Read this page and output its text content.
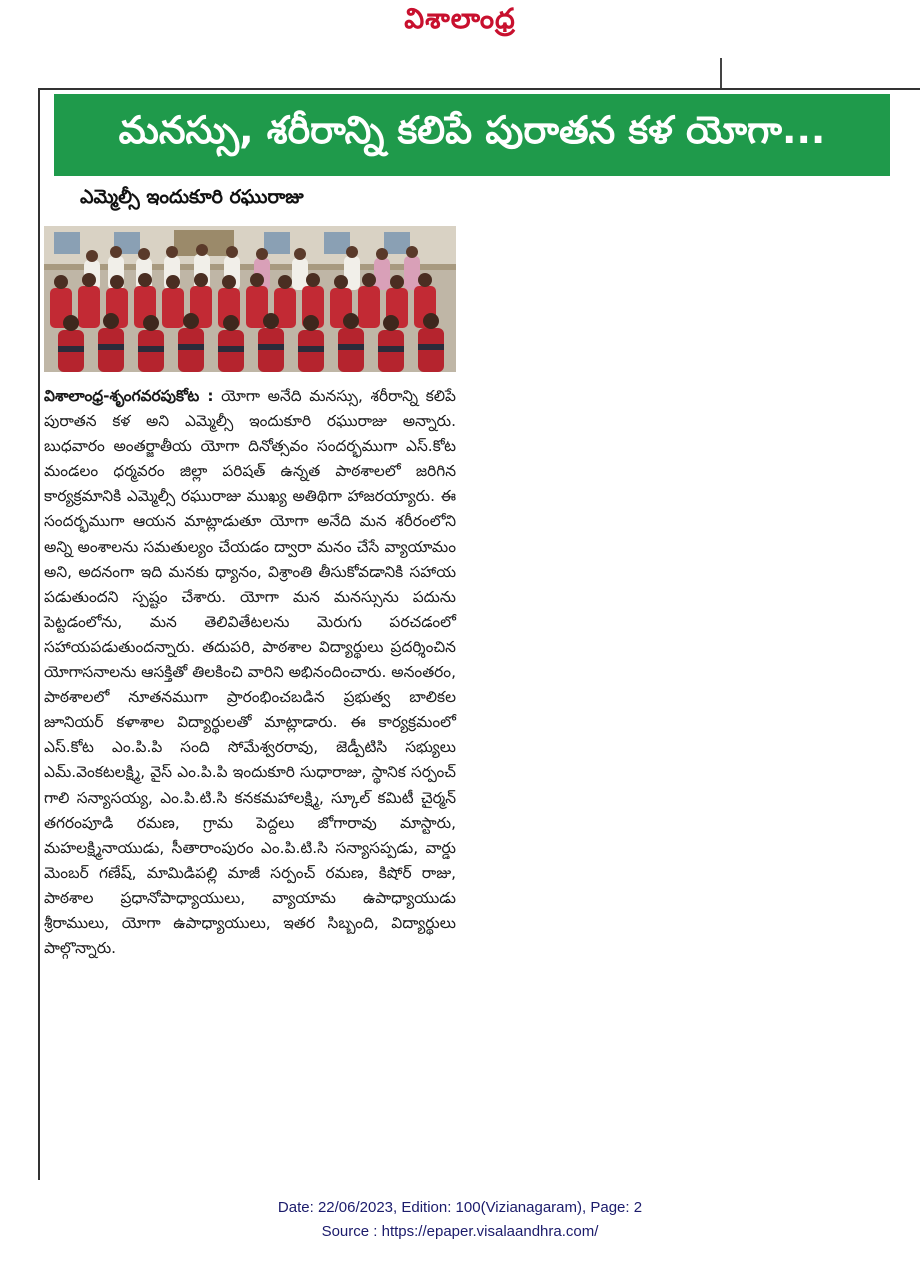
విశాలాంధ్ర
మనస్సు, శరీరాన్ని కలిపే పురాతన కళ యోగా...
ఎమ్మెల్సీ ఇందుకూరి రఘురాజు
విశాలాంధ్ర-శృంగవరపుకోట : యోగా అనేది మనస్సు, శరీరాన్ని కలిపే పురాతన కళ అని ఎమ్మెల్సీ ఇందుకూరి రఘురాజు అన్నారు. బుధవారం అంతర్జాతీయ యోగా దినోత్సవం సందర్భముగా ఎస్.కోట మండలం ధర్మవరం జిల్లా పరిషత్ ఉన్నత పాఠశాలలో జరిగిన కార్యక్రమానికి ఎమ్మెల్సీ రఘురాజు ముఖ్య అతిథిగా హాజరయ్యారు. ఈ సందర్భముగా ఆయన మాట్లాడుతూ యోగా అనేది మన శరీరంలోని అన్ని అంశాలను సమతుల్యం చేయడం ద్వారా మనం చేసే వ్యాయామం అని, అదనంగా ఇది మనకు ధ్యానం, విశ్రాంతి తీసుకోవడానికి సహాయ పడుతుందని స్పష్టం చేశారు. యోగా మన మనస్సును పదును పెట్టడంలోను, మన తెలివితేటలను మెరుగు పరచడంలో సహాయపడుతుందన్నారు. తదుపరి, పాఠశాల విద్యార్థులు ప్రదర్శించిన యోగాసనాలను ఆసక్తితో తిలకించి వారిని అభినందించారు. అనంతరం, పాఠశాలలో నూతనముగా ప్రారంభించబడిన ప్రభుత్వ బాలికల జూనియర్ కళాశాల విద్యార్థులతో మాట్లాడారు. ఈ కార్యక్రమంలో ఎస్.కోట ఎం.పి.పి సంది సోమేశ్వరరావు, జెడ్పీటిసి సభ్యులు ఎమ్.వెంకటలక్ష్మి, వైస్ ఎం.పి.పి ఇందుకూరి సుధారాజు, స్థానిక సర్పంచ్ గాలి సన్యాసయ్య, ఎం.పి.టి.సి కనకమహాలక్ష్మి, స్కూల్ కమిటీ చైర్మన్ తగరంపూడి రమణ, గ్రామ పెద్దలు జోగారావు మాస్టారు, మహలక్ష్మినాయుడు, సీతారాంపురం ఎం.పి.టి.సి సన్యాసప్పడు, వార్డు మెంబర్ గణేష్, మామిడిపల్లి మాజీ సర్పంచ్ రమణ, కిషోర్ రాజు, పాఠశాల ప్రధానోపాధ్యాయులు, వ్యాయామ ఉపాధ్యాయుడు శ్రీరాములు, యోగా ఉపాధ్యాయులు, ఇతర సిబ్బంది, విద్యార్థులు పాల్గొన్నారు.
Date: 22/06/2023, Edition: 100(Vizianagaram), Page: 2
Source : https://epaper.visalaandhra.com/
